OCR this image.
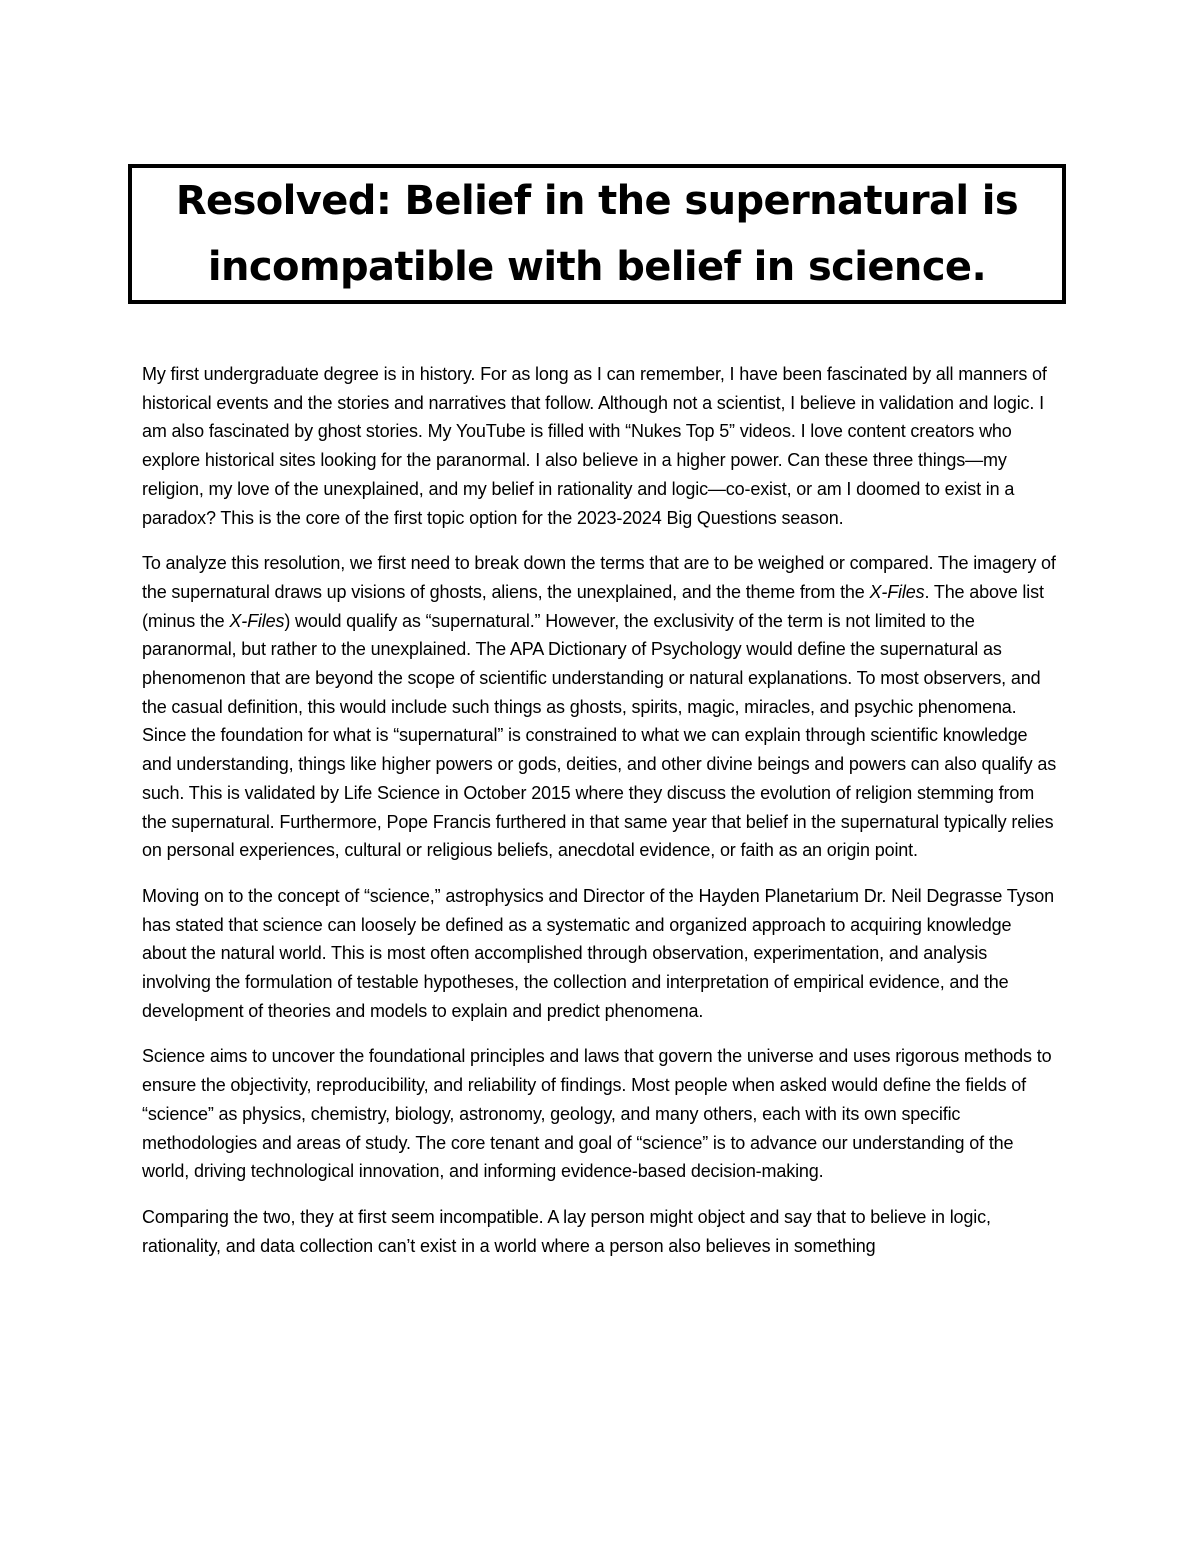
Resolved: Belief in the supernatural is incompatible with belief in science.

My first undergraduate degree is in history. For as long as I can remember, I have been fascinated by all manners of historical events and the stories and narratives that follow. Although not a scientist, I believe in validation and logic. I am also fascinated by ghost stories. My YouTube is filled with “Nukes Top 5” videos. I love content creators who explore historical sites looking for the paranormal. I also believe in a higher power. Can these three things—my religion, my love of the unexplained, and my belief in rationality and logic—co-exist, or am I doomed to exist in a paradox? This is the core of the first topic option for the 2023-2024 Big Questions season.

To analyze this resolution, we first need to break down the terms that are to be weighed or compared. The imagery of the supernatural draws up visions of ghosts, aliens, the unexplained, and the theme from the X-Files. The above list (minus the X-Files) would qualify as “supernatural.” However, the exclusivity of the term is not limited to the paranormal, but rather to the unexplained. The APA Dictionary of Psychology would define the supernatural as phenomenon that are beyond the scope of scientific understanding or natural explanations. To most observers, and the casual definition, this would include such things as ghosts, spirits, magic, miracles, and psychic phenomena. Since the foundation for what is “supernatural” is constrained to what we can explain through scientific knowledge and understanding, things like higher powers or gods, deities, and other divine beings and powers can also qualify as such. This is validated by Life Science in October 2015 where they discuss the evolution of religion stemming from the supernatural. Furthermore, Pope Francis furthered in that same year that belief in the supernatural typically relies on personal experiences, cultural or religious beliefs, anecdotal evidence, or faith as an origin point.

Moving on to the concept of “science,” astrophysics and Director of the Hayden Planetarium Dr. Neil Degrasse Tyson has stated that science can loosely be defined as a systematic and organized approach to acquiring knowledge about the natural world. This is most often accomplished through observation, experimentation, and analysis involving the formulation of testable hypotheses, the collection and interpretation of empirical evidence, and the development of theories and models to explain and predict phenomena.

Science aims to uncover the foundational principles and laws that govern the universe and uses rigorous methods to ensure the objectivity, reproducibility, and reliability of findings. Most people when asked would define the fields of “science” as physics, chemistry, biology, astronomy, geology, and many others, each with its own specific methodologies and areas of study. The core tenant and goal of “science” is to advance our understanding of the world, driving technological innovation, and informing evidence-based decision-making.

Comparing the two, they at first seem incompatible. A lay person might object and say that to believe in logic, rationality, and data collection can’t exist in a world where a person also believes in something
